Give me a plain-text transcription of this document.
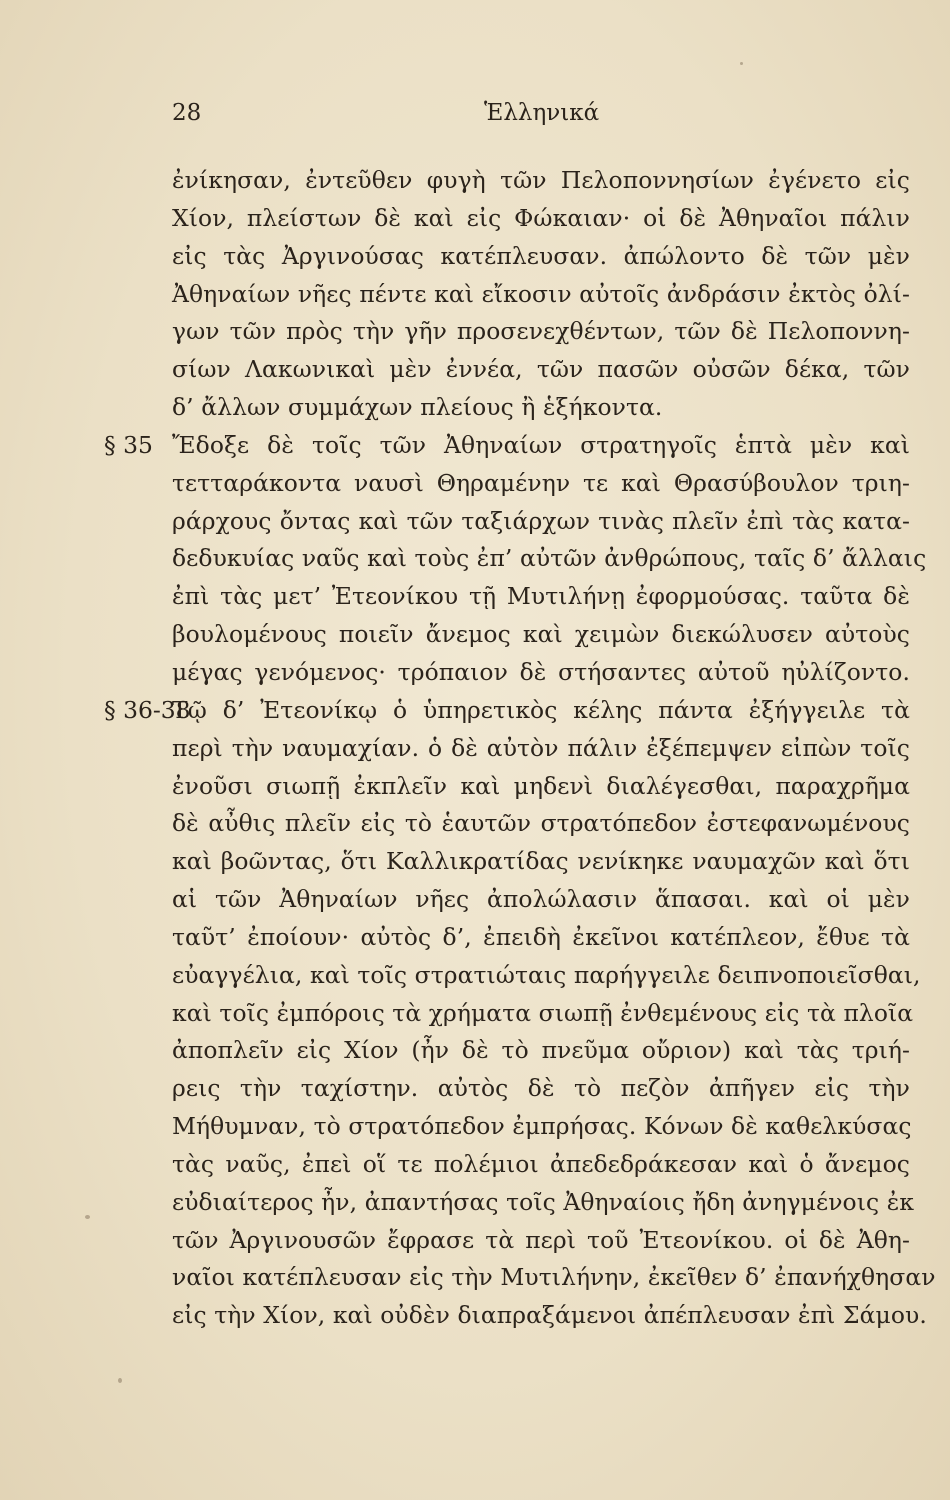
28	Ἑλληνικά
ἐνίκησαν, ἐντεῦθεν φυγὴ τῶν Πελοποννησίων ἐγένετο εἰς
Χίον, πλείστων δὲ καὶ εἰς Φώκαιαν· οἱ δὲ Ἀθηναῖοι πάλιν
εἰς τὰς Ἀργινούσας κατέπλευσαν. ἀπώλοντο δὲ τῶν μὲν
Ἀθηναίων νῆες πέντε καὶ εἴκοσιν αὐτοῖς ἀνδράσιν ἐκτὸς ὀλί-
γων τῶν πρὸς τὴν γῆν προσενεχθέντων, τῶν δὲ Πελοποννη-
σίων Λακωνικαὶ μὲν ἐννέα, τῶν πασῶν οὐσῶν δέκα, τῶν
δ’ ἄλλων συμμάχων πλείους ἢ ἑξήκοντα.
§ 35 Ἔδοξε δὲ τοῖς τῶν Ἀθηναίων στρατηγοῖς ἑπτὰ μὲν καὶ
τετταράκοντα ναυσὶ Θηραμένην τε καὶ Θρασύβουλον τριη-
ράρχους ὄντας καὶ τῶν ταξιάρχων τινὰς πλεῖν ἐπὶ τὰς κατα-
δεδυκυίας ναῦς καὶ τοὺς ἐπ’ αὐτῶν ἀνθρώπους, ταῖς δ’ ἄλλαις
ἐπὶ τὰς μετ’ Ἐτεονίκου τῇ Μυτιλήνῃ ἐφορμούσας. ταῦτα δὲ
βουλομένους ποιεῖν ἄνεμος καὶ χειμὼν διεκώλυσεν αὐτοὺς
μέγας γενόμενος· τρόπαιον δὲ στήσαντες αὐτοῦ ηὐλίζοντο.
§ 36-38
Τῷ δ’ Ἐτεονίκῳ ὁ ὑπηρετικὸς κέλης πάντα ἐξήγγειλε τὰ
περὶ τὴν ναυμαχίαν. ὁ δὲ αὐτὸν πάλιν ἐξέπεμψεν εἰπὼν τοῖς
ἐνοῦσι σιωπῇ ἐκπλεῖν καὶ μηδενὶ διαλέγεσθαι, παραχρῆμα
δὲ αὖθις πλεῖν εἰς τὸ ἑαυτῶν στρατόπεδον ἐστεφανωμένους
καὶ βοῶντας, ὅτι Καλλικρατίδας νενίκηκε ναυμαχῶν καὶ ὅτι
αἱ τῶν Ἀθηναίων νῆες ἀπολώλασιν ἅπασαι. καὶ οἱ μὲν
ταῦτ’ ἐποίουν· αὐτὸς δ’, ἐπειδὴ ἐκεῖνοι κατέπλεον, ἔθυε τὰ
εὐαγγέλια, καὶ τοῖς στρατιώταις παρήγγειλε δειπνοποιεῖσθαι,
καὶ τοῖς ἐμπόροις τὰ χρήματα σιωπῇ ἐνθεμένους εἰς τὰ πλοῖα
ἀποπλεῖν εἰς Χίον (ἦν δὲ τὸ πνεῦμα οὔριον) καὶ τὰς τριή-
ρεις τὴν ταχίστην. αὐτὸς δὲ τὸ πεζὸν ἀπῆγεν εἰς τὴν
Μήθυμναν, τὸ στρατόπεδον ἐμπρήσας. Κόνων δὲ καθελκύσας
τὰς ναῦς, ἐπεὶ οἵ τε πολέμιοι ἀπεδεδράκεσαν καὶ ὁ ἄνεμος
εὐδιαίτερος ἦν, ἀπαντήσας τοῖς Ἀθηναίοις ἤδη ἀνηγμένοις ἐκ
τῶν Ἀργινουσῶν ἔφρασε τὰ περὶ τοῦ Ἐτεονίκου. οἱ δὲ Ἀθη-
ναῖοι κατέπλευσαν εἰς τὴν Μυτιλήνην, ἐκεῖθεν δ’ ἐπανήχθησαν
εἰς τὴν Χίον, καὶ οὐδὲν διαπραξάμενοι ἀπέπλευσαν ἐπὶ Σάμου.
